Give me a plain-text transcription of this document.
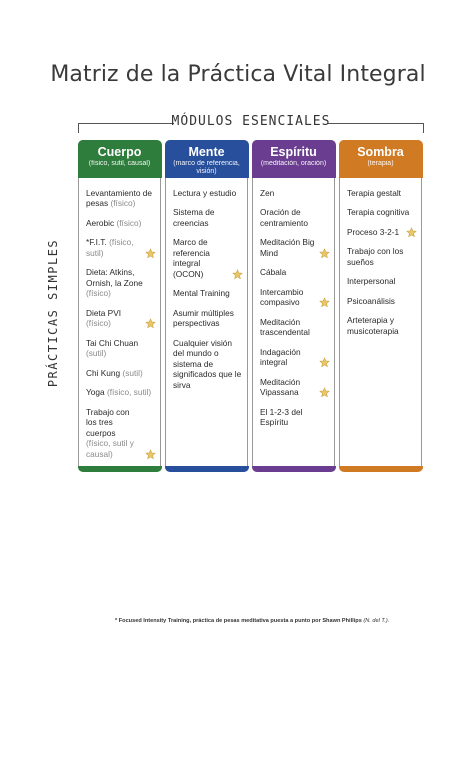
Matriz de la Práctica Vital Integral
MÓDULOS ESENCIALES
PRÁCTICAS SIMPLES
Cuerpo
(físico, sutil, causal)
Levantamiento de pesas (físico)
Aerobic (físico)
*F.I.T. (físico, sutil)
Dieta: Atkins, Ornish, la Zone (físico)
Dieta PVI (físico)
Tai Chi Chuan (sutil)
Chi Kung (sutil)
Yoga (físico, sutil)
Trabajo con los tres cuerpos (físico, sutil y causal)
Mente
(marco de referencia, visión)
Lectura y estudio
Sistema de creencias
Marco de referencia integral (OCON)
Mental Training
Asumir múltiples perspectivas
Cualquier visión del mundo o sistema de significados que le sirva
Espíritu
(meditación, oración)
Zen
Oración de centramiento
Meditación Big Mind
Cábala
Intercambio compasivo
Meditación trascendental
Indagación integral
Meditación Vipassana
El 1-2-3 del Espíritu
Sombra
(terapia)
Terapia gestalt
Terapia cognitiva
Proceso 3-2-1
Trabajo con los sueños
Interpersonal
Psicoanálisis
Arteterapia y musicoterapia
* Focused Intensity Training, práctica de pesas meditativa puesta a punto por Shawn Phillips (N. del T.).
